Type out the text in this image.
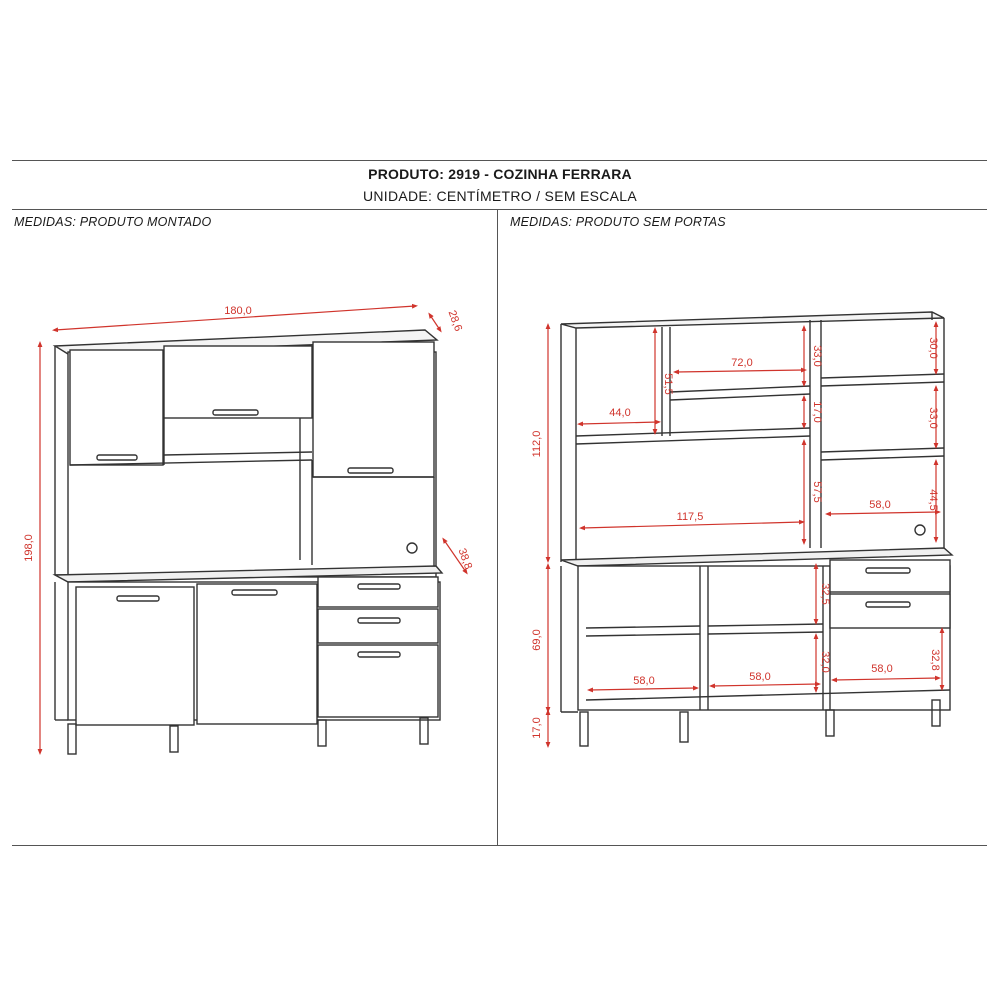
PRODUTO: 2919 - COZINHA FERRARA
UNIDADE: CENTÍMETRO / SEM ESCALA
MEDIDAS: PRODUTO MONTADO	MEDIDAS: PRODUTO SEM PORTAS
180,0	28,6
198,0	38,8
112,0
69,0
17,0
44,0
51,5
72,0	33,0
17,0
30,0
33,0
44,5
58,0
117,5
57,5
32,5
32,0	32,8
58,0	58,0
58,0
